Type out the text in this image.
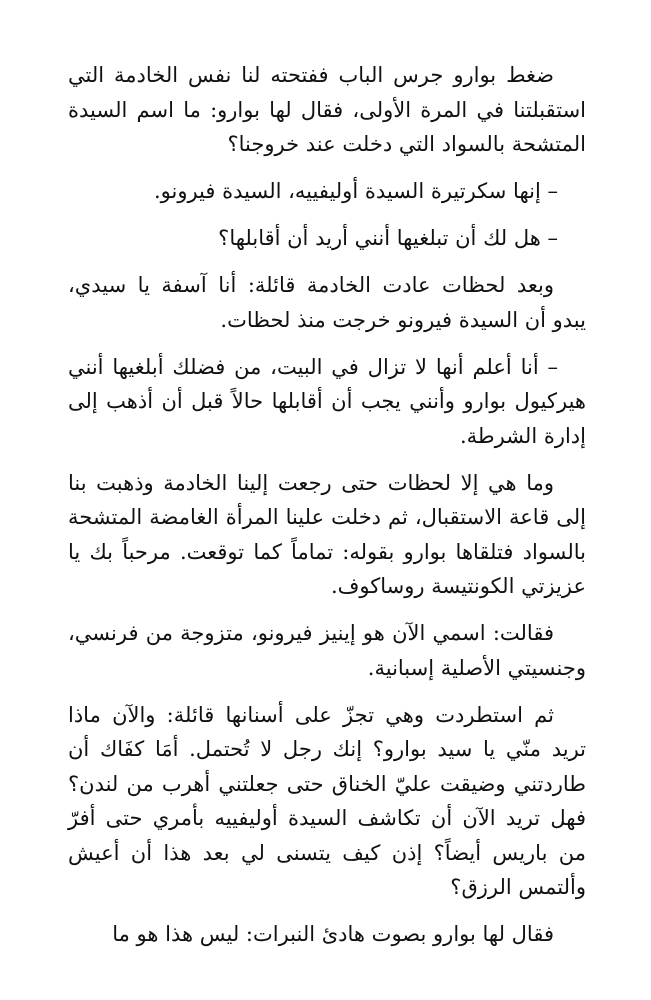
ضغط بوارو جرس الباب ففتحته لنا نفس الخادمة التي استقبلتنا في المرة الأولى، فقال لها بوارو: ما اسم السيدة المتشحة بالسواد التي دخلت عند خروجنا؟

– إنها سكرتيرة السيدة أوليفييه، السيدة فيرونو.

– هل لك أن تبلغيها أنني أريد أن أقابلها؟

وبعد لحظات عادت الخادمة قائلة: أنا آسفة يا سيدي، يبدو أن السيدة فيرونو خرجت منذ لحظات.

– أنا أعلم أنها لا تزال في البيت، من فضلك أبلغيها أنني هيركيول بوارو وأنني يجب أن أقابلها حالاً قبل أن أذهب إلى إدارة الشرطة.

وما هي إلا لحظات حتى رجعت إلينا الخادمة وذهبت بنا إلى قاعة الاستقبال، ثم دخلت علينا المرأة الغامضة المتشحة بالسواد فتلقاها بوارو بقوله: تماماً كما توقعت. مرحباً بك يا عزيزتي الكونتيسة روساكوف.

فقالت: اسمي الآن هو إينيز فيرونو، متزوجة من فرنسي، وجنسيتي الأصلية إسبانية.

ثم استطردت وهي تجزّ على أسنانها قائلة: والآن ماذا تريد منّي يا سيد بوارو؟ إنك رجل لا تُحتمل. أمَا كفَاك أن طاردتني وضيقت عليّ الخناق حتى جعلتني أهرب من لندن؟ فهل تريد الآن أن تكاشف السيدة أوليفييه بأمري حتى أفرّ من باريس أيضاً؟ إذن كيف يتسنى لي بعد هذا أن أعيش وألتمس الرزق؟

فقال لها بوارو بصوت هادئ النبرات: ليس هذا هو ما
